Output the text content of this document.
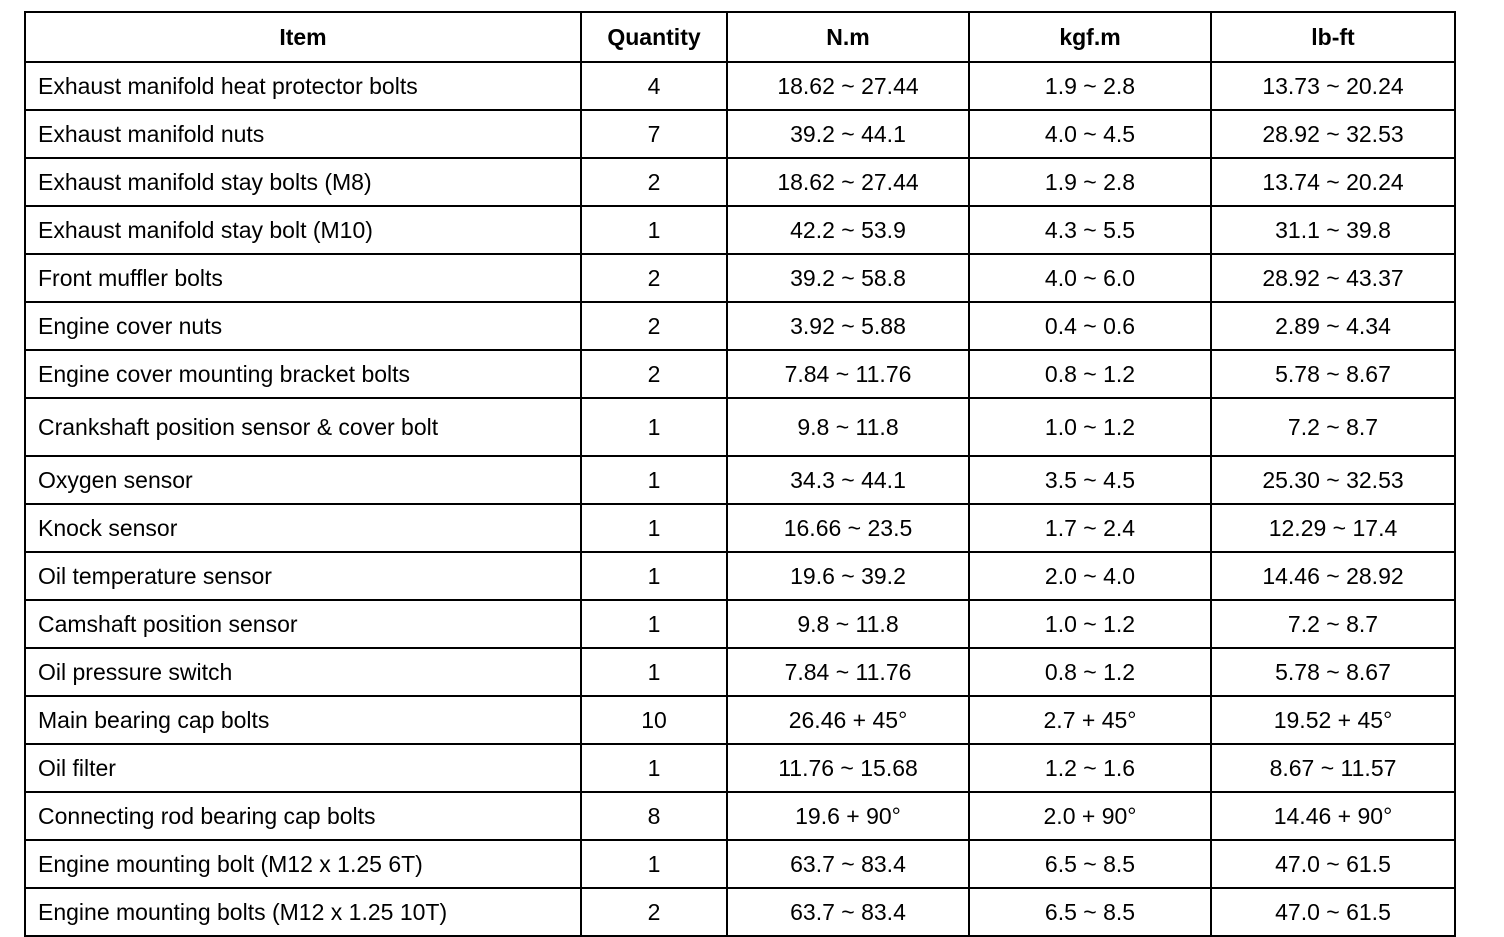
Item	Quantity	N.m	kgf.m	lb-ft
Exhaust manifold heat protector bolts	4	18.62 ~ 27.44	1.9 ~ 2.8	13.73 ~ 20.24
Exhaust manifold nuts	7	39.2 ~ 44.1	4.0 ~ 4.5	28.92 ~ 32.53
Exhaust manifold stay bolts (M8)	2	18.62 ~ 27.44	1.9 ~ 2.8	13.74 ~ 20.24
Exhaust manifold stay bolt (M10)	1	42.2 ~ 53.9	4.3 ~ 5.5	31.1 ~ 39.8
Front muffler bolts	2	39.2 ~ 58.8	4.0 ~ 6.0	28.92 ~ 43.37
Engine cover nuts	2	3.92 ~ 5.88	0.4 ~ 0.6	2.89 ~ 4.34
Engine cover mounting bracket bolts	2	7.84 ~ 11.76	0.8 ~ 1.2	5.78 ~ 8.67
Crankshaft position sensor & cover bolt	1	9.8 ~ 11.8	1.0 ~ 1.2	7.2 ~ 8.7
Oxygen sensor	1	34.3 ~ 44.1	3.5 ~ 4.5	25.30 ~ 32.53
Knock sensor	1	16.66 ~ 23.5	1.7 ~ 2.4	12.29 ~ 17.4
Oil temperature sensor	1	19.6 ~ 39.2	2.0 ~ 4.0	14.46 ~ 28.92
Camshaft position sensor	1	9.8 ~ 11.8	1.0 ~ 1.2	7.2 ~ 8.7
Oil pressure switch	1	7.84 ~ 11.76	0.8 ~ 1.2	5.78 ~ 8.67
Main bearing cap bolts	10	26.46 + 45°	2.7 + 45°	19.52 + 45°
Oil filter	1	11.76 ~ 15.68	1.2 ~ 1.6	8.67 ~ 11.57
Connecting rod bearing cap bolts	8	19.6 + 90°	2.0 + 90°	14.46 + 90°
Engine mounting bolt (M12 x 1.25 6T)	1	63.7 ~ 83.4	6.5 ~ 8.5	47.0 ~ 61.5
Engine mounting bolts (M12 x 1.25 10T)	2	63.7 ~ 83.4	6.5 ~ 8.5	47.0 ~ 61.5
